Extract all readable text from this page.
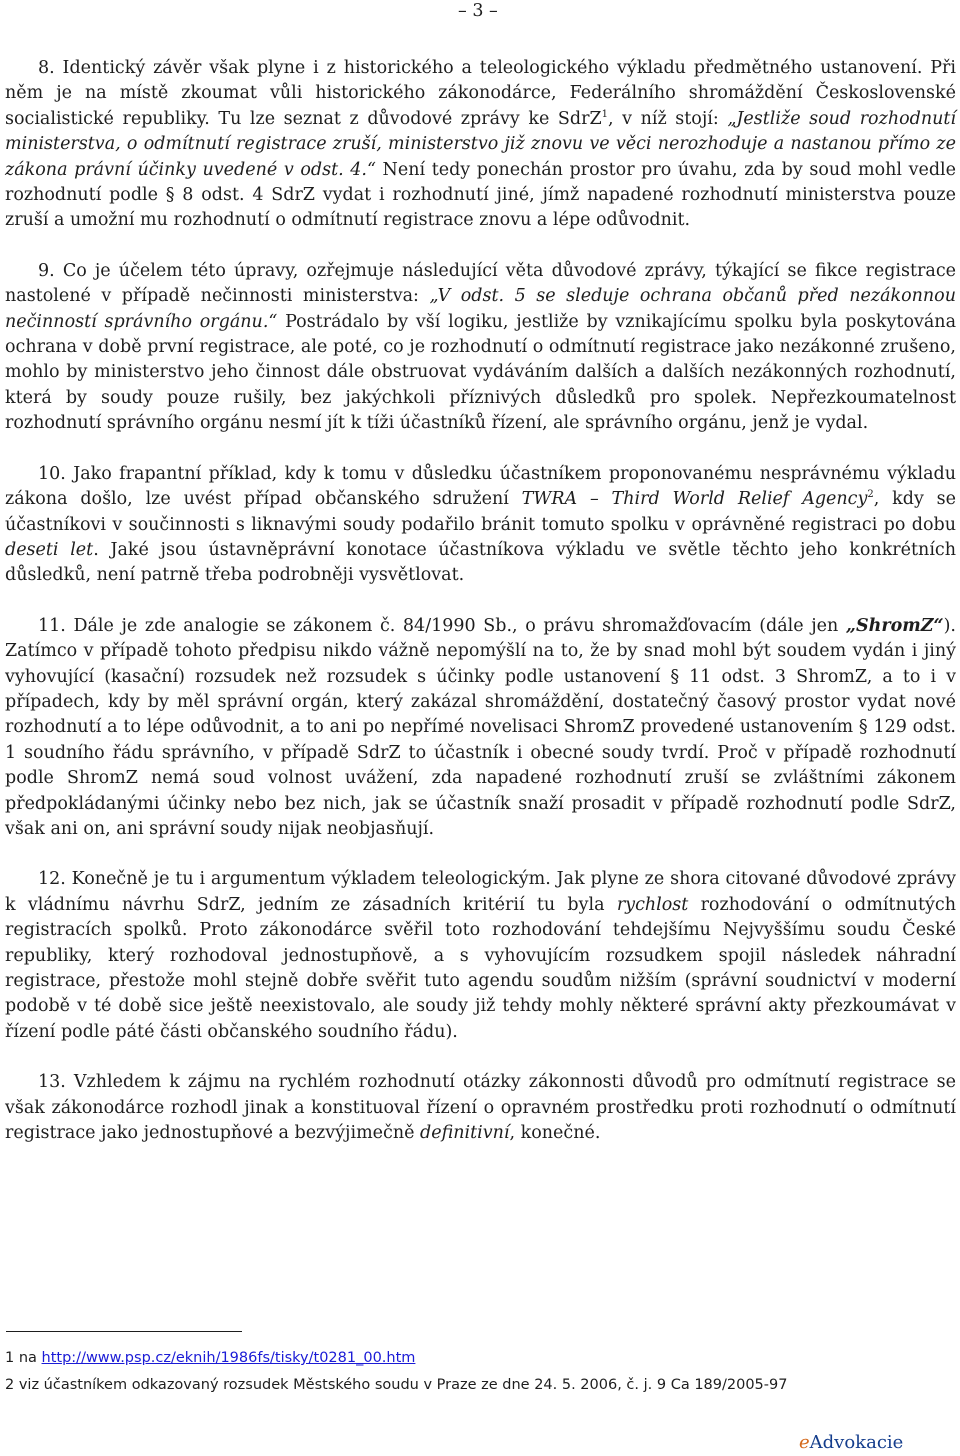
– 3 –

8. Identický závěr však plyne i z historického a teleologického výkladu předmětného ustanovení. Při něm je na místě zkoumat vůli historického zákonodárce, Federálního shromáždění Československé socialistické republiky. Tu lze seznat z důvodové zprávy ke SdrZ$^1$, v níž stojí: „Jestliže soud rozhodnutí ministerstva, o odmítnutí registrace zruší, ministerstvo již znovu ve věci nerozhoduje a nastanou přímo ze zákona právní účinky uvedené v odst. 4.“ Není tedy ponechán prostor pro úvahu, zda by soud mohl vedle rozhodnutí podle § 8 odst. 4 SdrZ vydat i rozhodnutí jiné, jímž napadené rozhodnutí ministerstva pouze zruší a umožní mu rozhodnutí o odmítnutí registrace znovu a lépe odůvodnit.

9. Co je účelem této úpravy, ozřejmuje následující věta důvodové zprávy, týkající se fikce registrace nastolené v případě nečinnosti ministerstva: „V odst. 5 se sleduje ochrana občanů před nezákonnou nečinností správního orgánu.“ Postrádalo by vší logiku, jestliže by vznikajícímu spolku byla poskytována ochrana v době první registrace, ale poté, co je rozhodnutí o odmítnutí registrace jako nezákonné zrušeno, mohlo by ministerstvo jeho činnost dále obstruovat vydáváním dalších a dalších nezákonných rozhodnutí, která by soudy pouze rušily, bez jakýchkoli příznivých důsledků pro spolek. Nepřezkoumatelnost rozhodnutí správního orgánu nesmí jít k tíži účastníků řízení, ale správního orgánu, jenž je vydal.

10. Jako frapantní příklad, kdy k tomu v důsledku účastníkem proponovanému nesprávnému výkladu zákona došlo, lze uvést případ občanského sdružení TWRA – Third World Relief Agency$^2$, kdy se účastníkovi v součinnosti s liknavými soudy podařilo bránit tomuto spolku v oprávněné registraci po dobu deseti let. Jaké jsou ústavněprávní konotace účastníkova výkladu ve světle těchto jeho konkrétních důsledků, není patrně třeba podrobněji vysvětlovat.

11. Dále je zde analogie se zákonem č. 84/1990 Sb., o právu shromažďovacím (dále jen „ShromZ“). Zatímco v případě tohoto předpisu nikdo vážně nepomýšlí na to, že by snad mohl být soudem vydán i jiný vyhovující (kasační) rozsudek než rozsudek s účinky podle ustanovení § 11 odst. 3 ShromZ, a to i v případech, kdy by měl správní orgán, který zakázal shromáždění, dostatečný časový prostor vydat nové rozhodnutí a to lépe odůvodnit, a to ani po nepřímé novelisaci ShromZ provedené ustanovením § 129 odst. 1 soudního řádu správního, v případě SdrZ to účastník i obecné soudy tvrdí. Proč v případě rozhodnutí podle ShromZ nemá soud volnost uvážení, zda napadené rozhodnutí zruší se zvláštními zákonem předpokládanými účinky nebo bez nich, jak se účastník snaží prosadit v případě rozhodnutí podle SdrZ, však ani on, ani správní soudy nijak neobjasňují.

12. Konečně je tu i argumentum výkladem teleologickým. Jak plyne ze shora citované důvodové zprávy k vládnímu návrhu SdrZ, jedním ze zásadních kritérií tu byla rychlost rozhodování o odmítnutých registracích spolků. Proto zákonodárce svěřil toto rozhodování tehdejšímu Nejvyššímu soudu České republiky, který rozhodoval jednostupňově, a s vyhovujícím rozsudkem spojil následek náhradní registrace, přestože mohl stejně dobře svěřit tuto agendu soudům nižším (správní soudnictví v moderní podobě v té době sice ještě neexistovalo, ale soudy již tehdy mohly některé správní akty přezkoumávat v řízení podle páté části občanského soudního řádu).

13. Vzhledem k zájmu na rychlém rozhodnutí otázky zákonnosti důvodů pro odmítnutí registrace se však zákonodárce rozhodl jinak a konstituoval řízení o opravném prostředku proti rozhodnutí o odmítnutí registrace jako jednostupňové a bezvýjimečně definitivní, konečné.

1 na http://www.psp.cz/eknih/1986fs/tisky/t0281_00.htm
2 viz účastníkem odkazovaný rozsudek Městského soudu v Praze ze dne 24. 5. 2006, č. j. 9 Ca 189/2005-97
eAdvokacie
